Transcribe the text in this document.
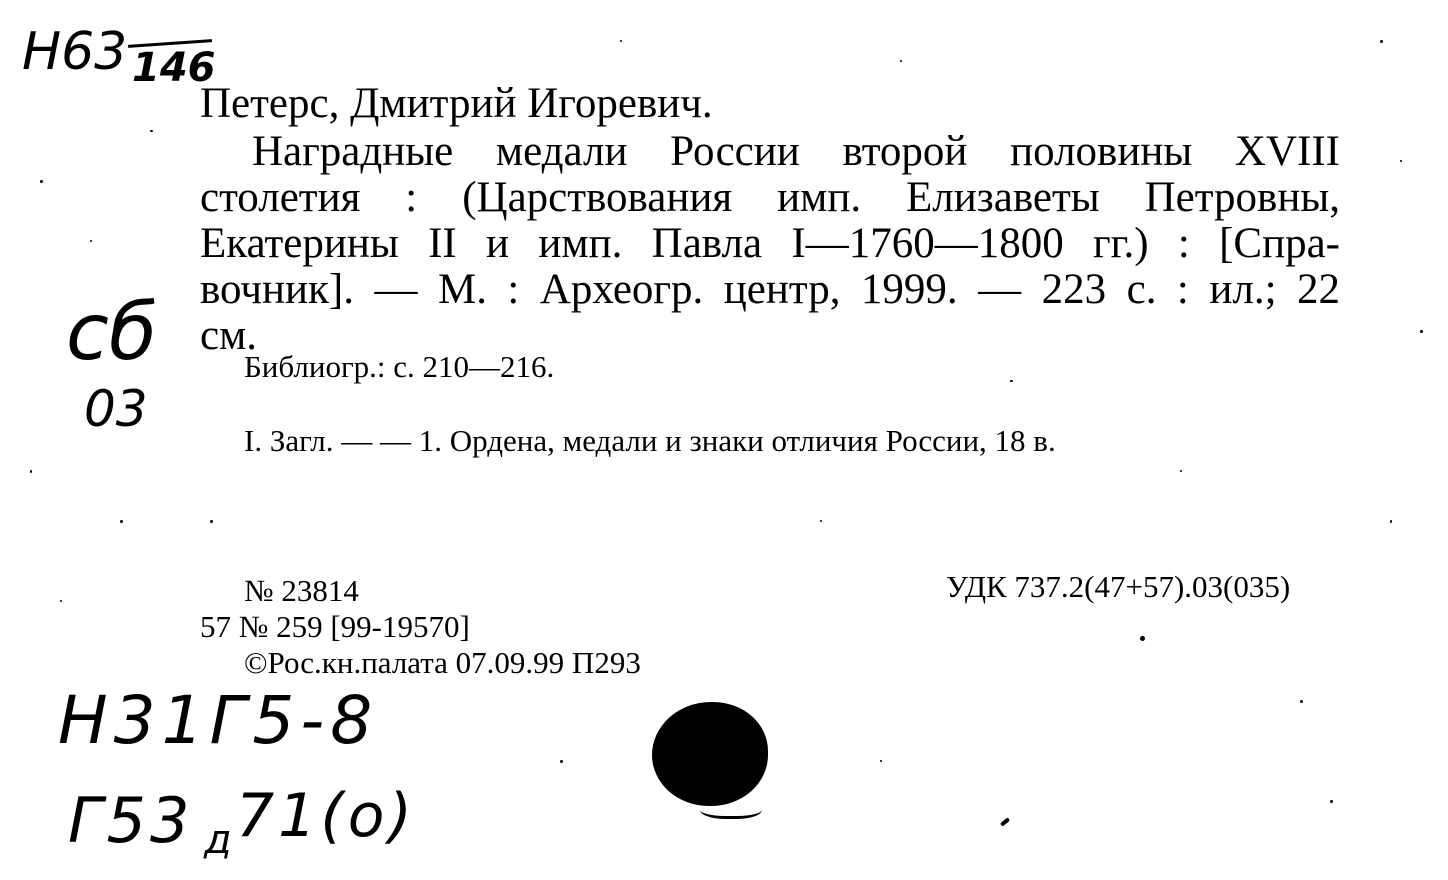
Н63 146
сб
03
Н31Г5-8
Г53 д 71(о)
Петерс, Дмитрий Игоревич.
Наградные медали России второй половины XVIII
столетия : (Царствования имп. Елизаветы Петровны,
Екатерины II и имп. Павла I—1760—1800 гг.) : [Спра-
вочник]. — М. : Археогр. центр, 1999. — 223 с. : ил.; 22
см.
Библиогр.: с. 210—216.
I. Загл. — — 1. Ордена, медали и знаки отличия России, 18 в.
№ 23814	УДК 737.2(47+57).03(035)
57 № 259 [99-19570]
©Рос.кн.палата 07.09.99 П293
